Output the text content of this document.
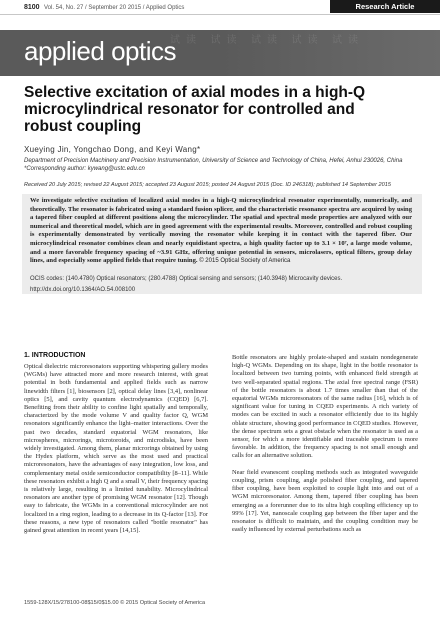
8100 Vol. 54, No. 27 / September 20 2015 / Applied Optics	Research Article
试读 试读 试读 试读 试读
applied optics
Selective excitation of axial modes in a high-Q microcylindrical resonator for controlled and robust coupling
Xueying Jin, Yongchao Dong, and Keyi Wang*
Department of Precision Machinery and Precision Instrumentation, University of Science and Technology of China, Hefei, Anhui 230026, China
*Corresponding author: kywang@ustc.edu.cn
Received 20 July 2015; revised 22 August 2015; accepted 23 August 2015; posted 24 August 2015 (Doc. ID 246318); published 14 September 2015

We investigate selective excitation of localized axial modes in a high-Q microcylindrical resonator experimentally, numerically, and theoretically. The resonator is fabricated using a standard fusion splicer, and the characteristic resonance spectra are acquired by using a tapered fiber coupled at different positions along the microcylinder. The spatial and spectral mode properties are analyzed with our numerical and theoretical model, which are in good agreement with the experimental results. Moreover, controlled and robust coupling is experimentally demonstrated by vertically moving the resonator while keeping it in contact with the tapered fiber. Our microcylindrical resonator combines clean and nearly equidistant spectra, a high quality factor up to 3.1 × 10⁷, a large mode volume, and a more favorable frequency spacing of ~3.91 GHz, offering unique potential in sensors, microlasers, optical filters, group delay lines, and especially some applied fields that require tuning. © 2015 Optical Society of America

OCIS codes: (140.4780) Optical resonators; (280.4788) Optical sensing and sensors; (140.3948) Microcavity devices.
http://dx.doi.org/10.1364/AO.54.008100
1. INTRODUCTION

Optical dielectric microresonators supporting whispering gallery modes (WGMs) have attracted more and more research interest, with great potential in both fundamental and applied fields such as narrow linewidth filters [1], biosensors [2], optical delay lines [3,4], nonlinear optics [5], and cavity quantum electrodynamics (CQED) [6,7]. Benefiting from their ability to confine light spatially and temporally, characterized by the mode volume V and quality factor Q, WGM resonators significantly enhance the light–matter interactions. Over the past two decades, standard equatorial WGM resonators, like microspheres, microrings, microtoroids, and microdisks, have been widely investigated. Among them, planar microrings obtained by using the Hydex platform, which serve as the most used and practical microresonators, have the advantages of easy integration, low loss, and complementary metal oxide semiconductor compatibility [8–11]. While these resonators exhibit a high Q and a small V, their frequency spacing is relatively large, resulting in a limited tunability. Microcylindrical resonators are another type of promising WGM resonator [12]. Though easy to fabricate, the WGMs in a conventional microcylinder are not localized in a ring region, leading to a decrease in its Q-factor [13]. For these reasons, a new type of resonators called "bottle resonator" has gained great attention in recent years [14,15].

Bottle resonators are highly prolate-shaped and sustain nondegenerate high-Q WGMs. Depending on its shape, light in the bottle resonator is localized between two turning points, with enhanced field strength at two well-separated spatial regions. The axial free spectral range (FSR) of the bottle resonators is about 1.7 times smaller than that of the equatorial WGMs microresonators of the same radius [16], which is of significant value for tuning in CQED experiments. A rich variety of modes can be excited in such a resonator efficiently due to its highly oblate structure, showing good performance in CQED studies. However, the dense spectrum sets a great obstacle when the resonator is used as a sensor, for which a more identifiable and traceable spectrum is more favorable. In addition, the frequency spacing is not small enough and calls for an alternative solution.

Near field evanescent coupling methods such as integrated waveguide coupling, prism coupling, angle polished fiber coupling, and tapered fiber coupling, have been exploited to couple light into and out of a WGM microresonator. Among them, tapered fiber coupling has been emerging as a forerunner due to its ultra high coupling efficiency up to 99% [17]. Yet, nanoscale coupling gap between the fiber taper and the resonator is difficult to maintain, and the coupling condition may be easily influenced by external perturbations such as

1559-128X/15/278100-08$15/0$15.00 © 2015 Optical Society of America
